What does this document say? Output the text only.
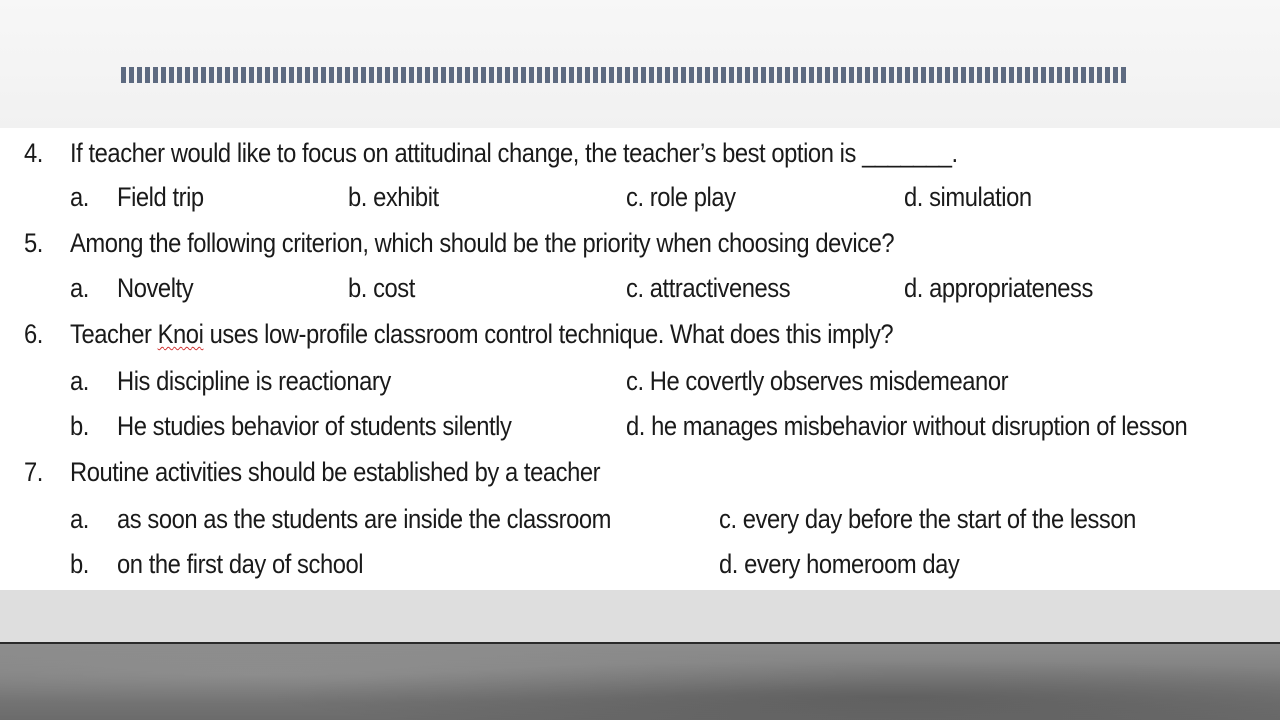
4. If teacher would like to focus on attitudinal change, the teacher’s best option is _______.
a. Field trip	b. exhibit	c. role play	d. simulation
5. Among the following criterion, which should be the priority when choosing device?
a. Novelty	b. cost	c. attractiveness	d. appropriateness
6. Teacher Knoi uses low-profile classroom control technique. What does this imply?
a. His discipline is reactionary	c. He covertly observes misdemeanor
b. He studies behavior of students silently	d. he manages misbehavior without disruption of lesson
7. Routine activities should be established by a teacher
a. as soon as the students are inside the classroom	c. every day before the start of the lesson
b. on the first day of school	d. every homeroom day
